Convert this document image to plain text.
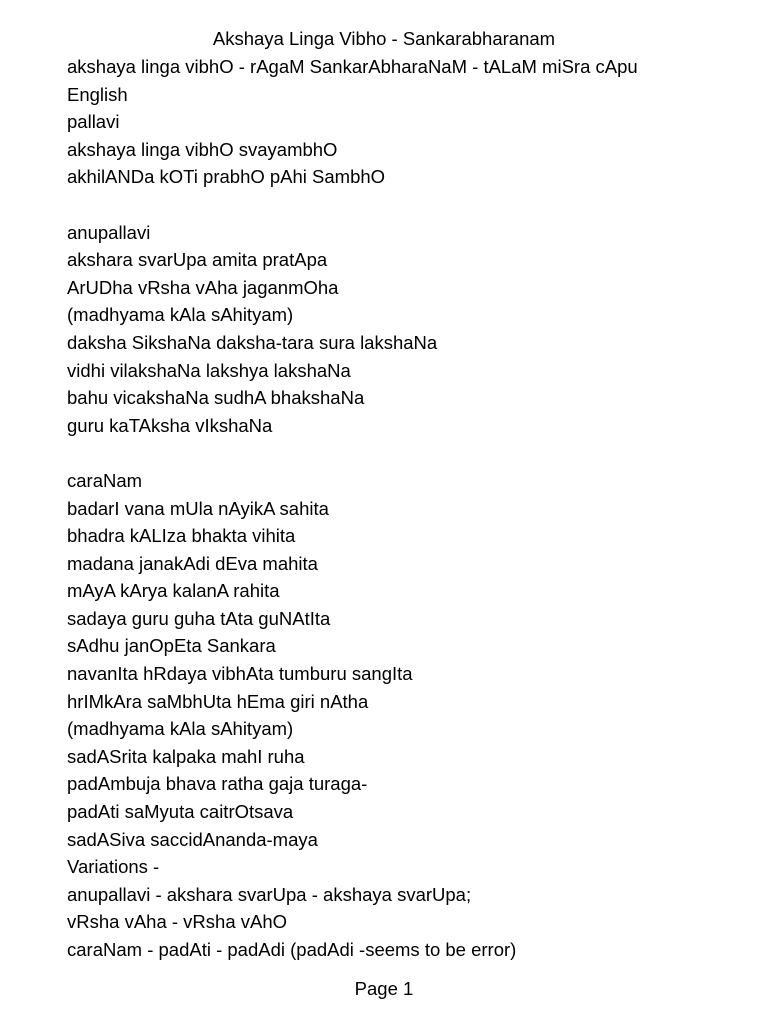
Akshaya Linga Vibho - Sankarabharanam
akshaya linga vibhO - rAgaM SankarAbharaNaM - tALaM miSra cApu
English
pallavi
akshaya linga vibhO svayambhO
akhilANDa kOTi prabhO pAhi SambhO
anupallavi
akshara svarUpa amita pratApa
ArUDha vRsha vAha jaganmOha
(madhyama kAla sAhityam)
daksha SikshaNa daksha-tara sura lakshaNa
vidhi vilakshaNa lakshya lakshaNa
bahu vicakshaNa sudhA bhakshaNa
guru kaTAksha vIkshaNa
caraNam
badarI vana mUla nAyikA sahita
bhadra kALIza bhakta vihita
madana janakAdi dEva mahita
mAyA kArya kalanA rahita
sadaya guru guha tAta guNAtIta
sAdhu janOpEta Sankara
navanIta hRdaya vibhAta tumburu sangIta
hrIMkAra saMbhUta hEma giri nAtha
(madhyama kAla sAhityam)
sadASrita kalpaka mahI ruha
padAmbuja bhava ratha gaja turaga-
padAti saMyuta caitrOtsava
sadASiva saccidAnanda-maya
Variations -
anupallavi - akshara svarUpa - akshaya svarUpa;
vRsha vAha - vRsha vAhO
caraNam - padAti - padAdi (padAdi -seems to be error)
Page 1
